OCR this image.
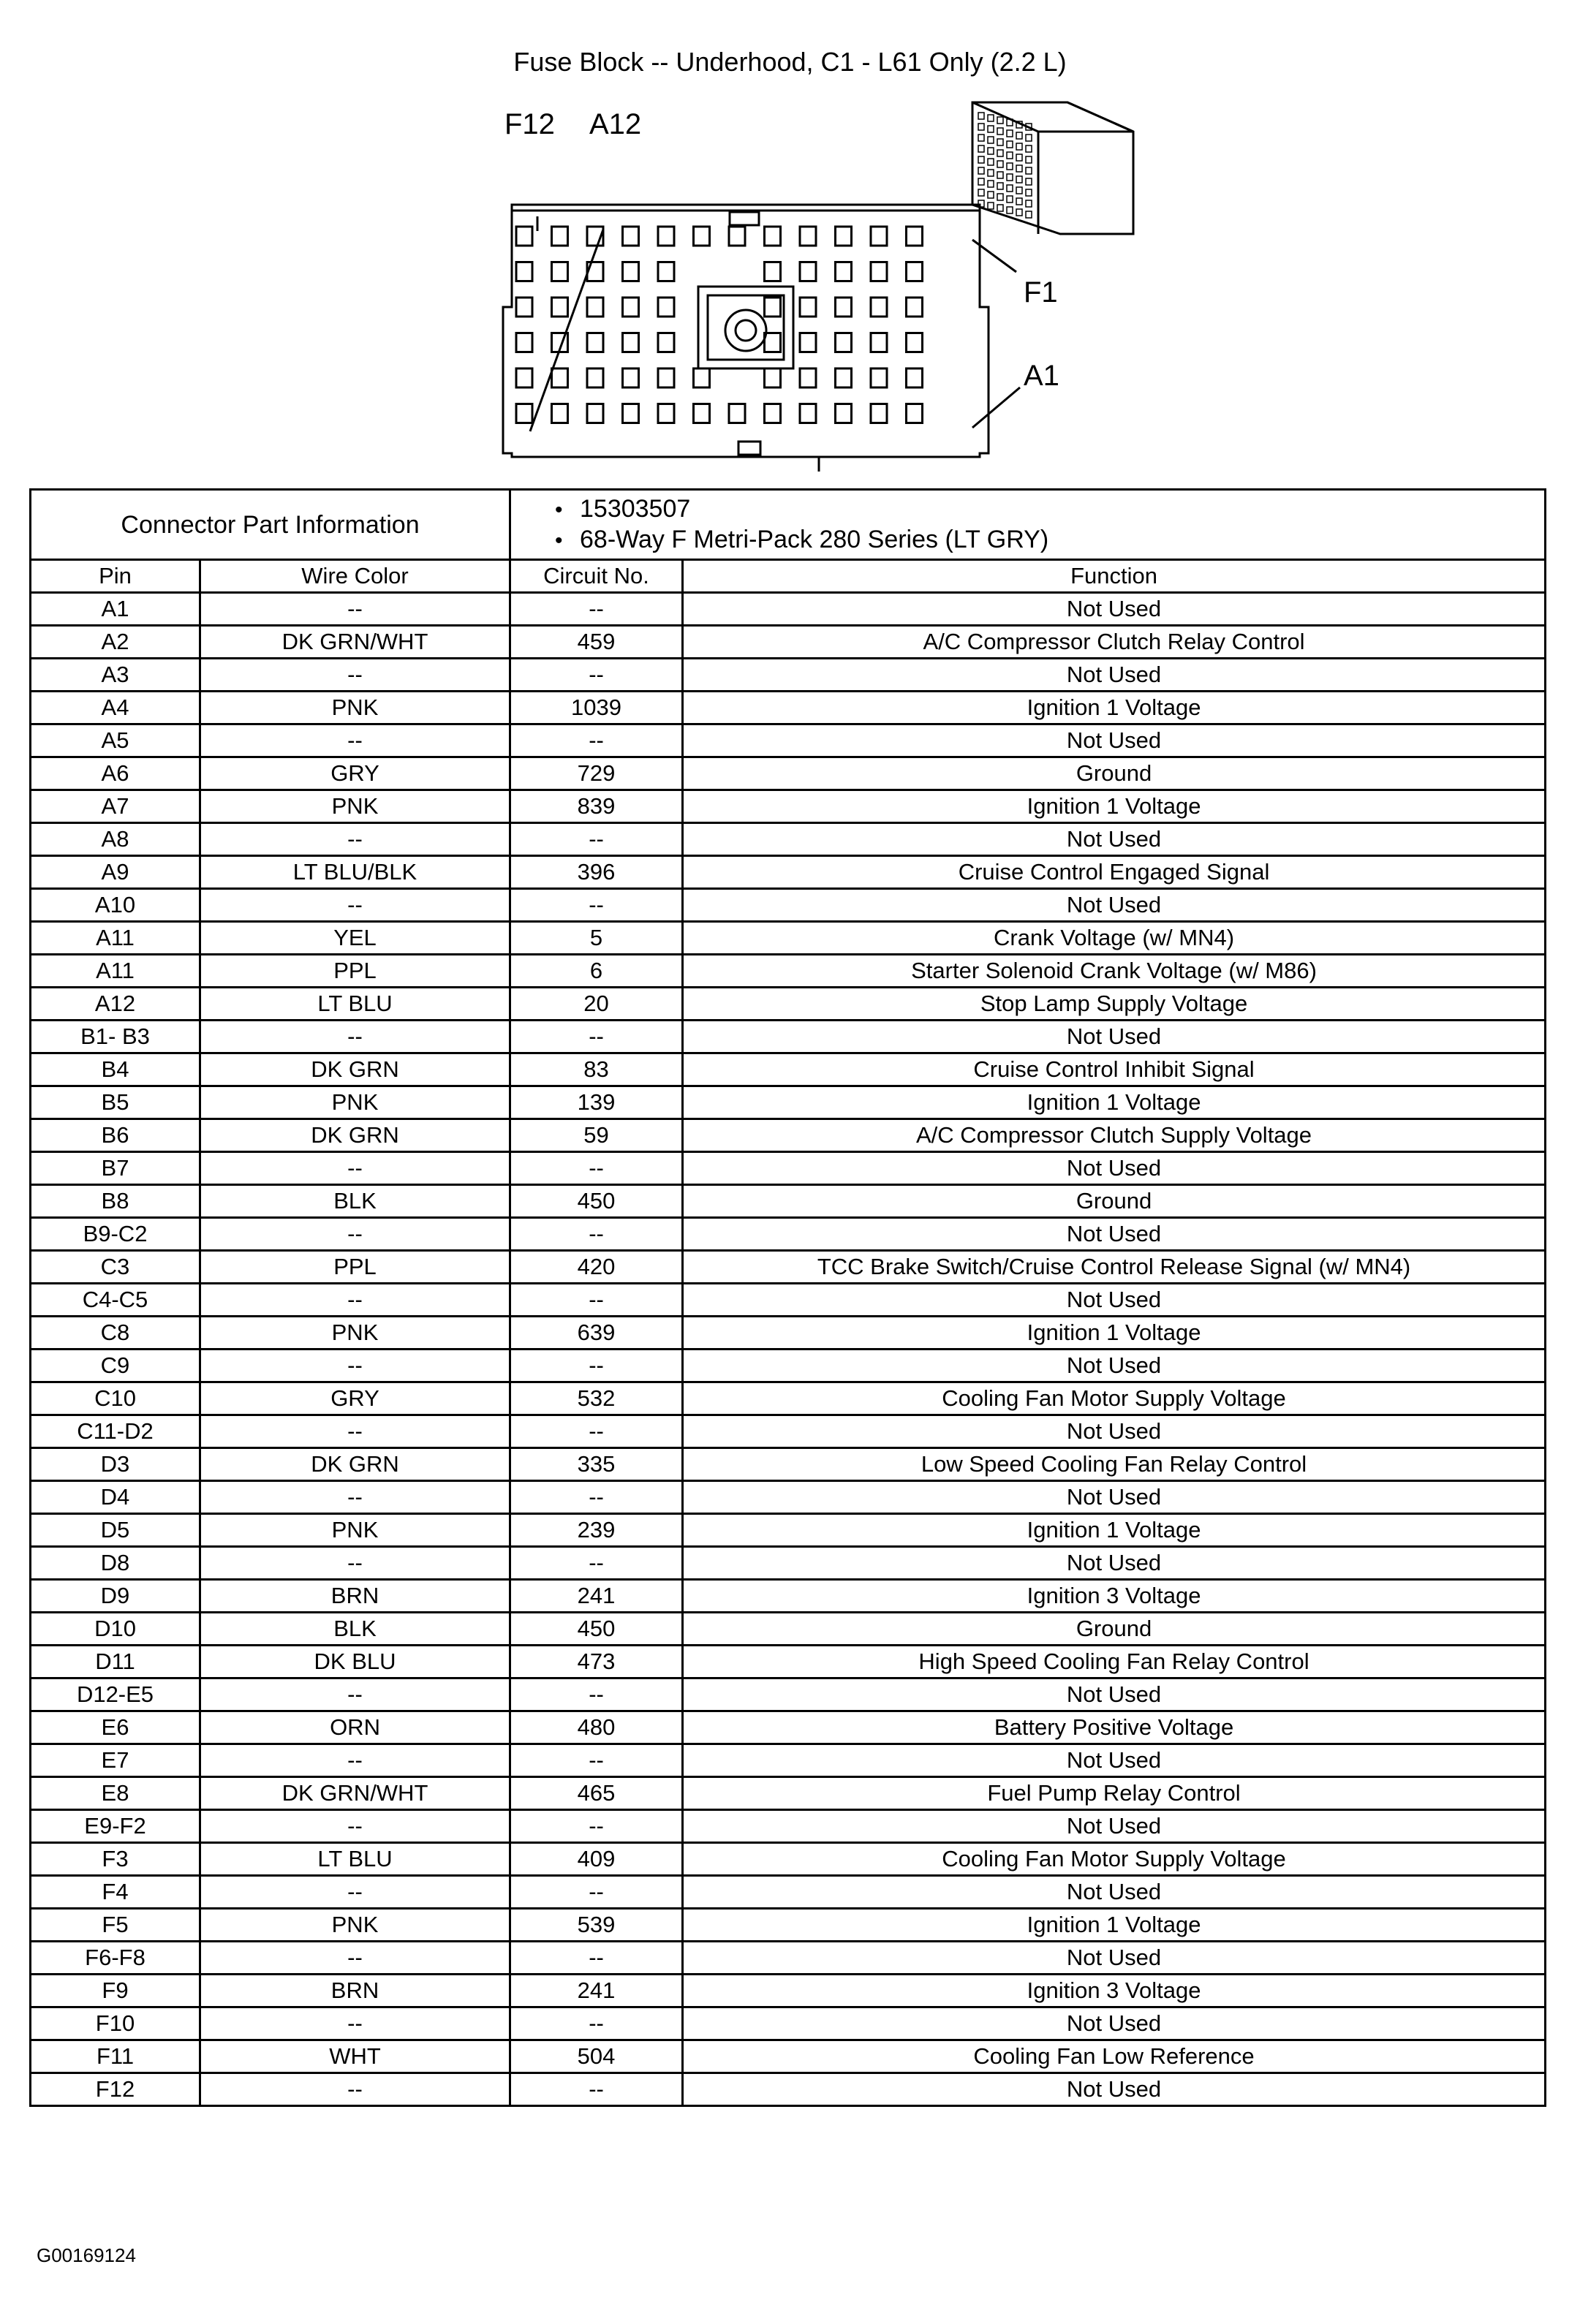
Fuse Block -- Underhood, C1 - L61 Only (2.2 L)
F12 A12
F1
A1
Connector Part Information		• 15303507
• 68-Way F Metri-Pack 280 Series (LT GRY)

Pin	Wire Color	Circuit No.	Function
A1	--	--	Not Used
A2	DK GRN/WHT	459	A/C Compressor Clutch Relay Control
A3	--	--	Not Used
A4	PNK	1039	Ignition 1 Voltage
A5	--	--	Not Used
A6	GRY	729	Ground
A7	PNK	839	Ignition 1 Voltage
A8	--	--	Not Used
A9	LT BLU/BLK	396	Cruise Control Engaged Signal
A10	--	--	Not Used
A11	YEL	5	Crank Voltage (w/ MN4)
A11	PPL	6	Starter Solenoid Crank Voltage (w/ M86)
A12	LT BLU	20	Stop Lamp Supply Voltage
B1- B3	--	--	Not Used
B4	DK GRN	83	Cruise Control Inhibit Signal
B5	PNK	139	Ignition 1 Voltage
B6	DK GRN	59	A/C Compressor Clutch Supply Voltage
B7	--	--	Not Used
B8	BLK	450	Ground
B9-C2	--	--	Not Used
C3	PPL	420	TCC Brake Switch/Cruise Control Release Signal (w/ MN4)
C4-C5	--	--	Not Used
C8	PNK	639	Ignition 1 Voltage
C9	--	--	Not Used
C10	GRY	532	Cooling Fan Motor Supply Voltage
C11-D2	--	--	Not Used
D3	DK GRN	335	Low Speed Cooling Fan Relay Control
D4	--	--	Not Used
D5	PNK	239	Ignition 1 Voltage
D8	--	--	Not Used
D9	BRN	241	Ignition 3 Voltage
D10	BLK	450	Ground
D11	DK BLU	473	High Speed Cooling Fan Relay Control
D12-E5	--	--	Not Used
E6	ORN	480	Battery Positive Voltage
E7	--	--	Not Used
E8	DK GRN/WHT	465	Fuel Pump Relay Control
E9-F2	--	--	Not Used
F3	LT BLU	409	Cooling Fan Motor Supply Voltage
F4	--	--	Not Used
F5	PNK	539	Ignition 1 Voltage
F6-F8	--	--	Not Used
F9	BRN	241	Ignition 3 Voltage
F10	--	--	Not Used
F11	WHT	504	Cooling Fan Low Reference
F12	--	--	Not Used
G00169124
